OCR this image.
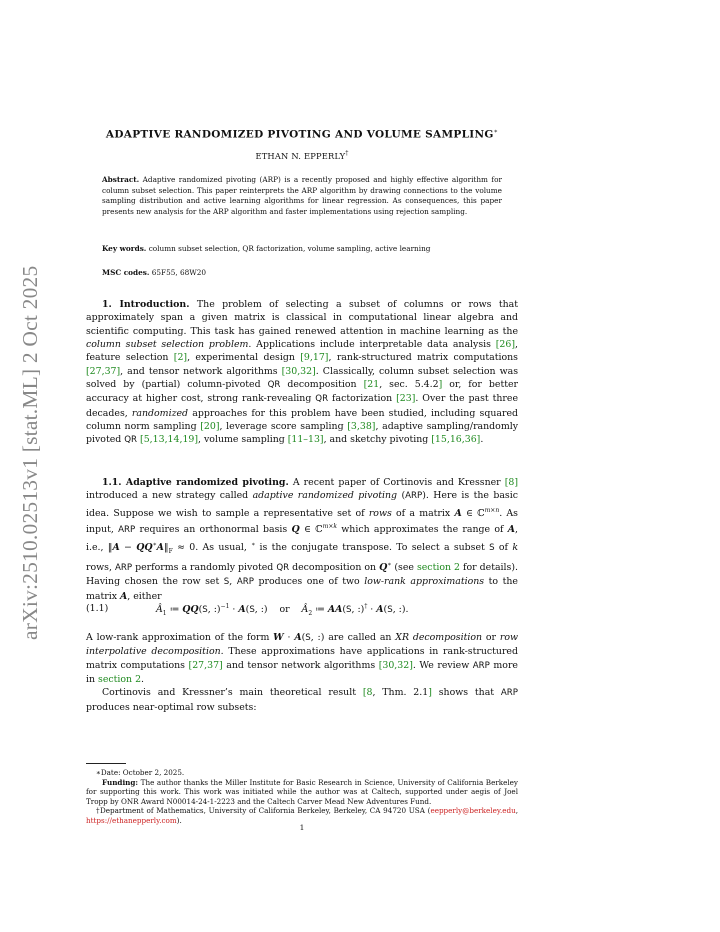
arXiv:2510.02513v1 [stat.ML] 2 Oct 2025
ADAPTIVE RANDOMIZED PIVOTING AND VOLUME SAMPLING∗
ETHAN N. EPPERLY†
Abstract. Adaptive randomized pivoting (ARP) is a recently proposed and highly effective algorithm for column subset selection. This paper reinterprets the ARP algorithm by drawing connections to the volume sampling distribution and active learning algorithms for linear regression. As consequences, this paper presents new analysis for the ARP algorithm and faster implementations using rejection sampling.
Key words. column subset selection, QR factorization, volume sampling, active learning
MSC codes. 65F55, 68W20

1. Introduction. The problem of selecting a subset of columns or rows that approximately span a given matrix is classical in computational linear algebra and scientific computing. This task has gained renewed attention in machine learning as the column subset selection problem. Applications include interpretable data analysis [26], feature selection [2], experimental design [9,17], rank-structured matrix computations [27,37], and tensor network algorithms [30,32]. Classically, column subset selection was solved by (partial) column-pivoted QR decomposition [21, sec. 5.4.2] or, for better accuracy at higher cost, strong rank-revealing QR factorization [23]. Over the past three decades, randomized approaches for this problem have been studied, including squared column norm sampling [20], leverage score sampling [3,38], adaptive sampling/randomly pivoted QR [5,13,14,19], volume sampling [11–13], and sketchy pivoting [15,16,36].

1.1. Adaptive randomized pivoting. A recent paper of Cortinovis and Kressner [8] introduced a new strategy called adaptive randomized pivoting (ARP). Here is the basic idea. Suppose we wish to sample a representative set of rows of a matrix A ∈ ℂ$^{m\times n}$. As input, ARP requires an orthonormal basis Q ∈ ℂ$^{m\times k}$ which approximates the range of A, i.e., ‖A − $QQ^∗A‖_F \approx 0$. As usual, ∗ is the conjugate transpose. To select a subset S of k rows, ARP performs a randomly pivoted QR decomposition on Q∗ (see section 2 for details). Having chosen the row set S, ARP produces one of two low-rank approximations to the matrix A, either

(1.1)	$Â_1$ ≔ QQ(S, :)$^{-1}$ · A(S, :)    or    $Â_2$ ≔ AA(S, :)† · A(S, :).

A low-rank approximation of the form W · A(S, :) are called an XR decomposition or row interpolative decomposition. These approximations have applications in rank-structured matrix computations [27,37] and tensor network algorithms [30,32]. We review ARP more in section 2.

Cortinovis and Kressner’s main theoretical result [8, Thm. 2.1] shows that ARP produces near-optimal row subsets:

∗Date: October 2, 2025.

Funding: The author thanks the Miller Institute for Basic Research in Science, University of California Berkeley for supporting this work. This work was initiated while the author was at Caltech, supported under aegis of Joel Tropp by ONR Award N00014-24-1-2223 and the Caltech Carver Mead New Adventures Fund.

†Department of Mathematics, University of California Berkeley, Berkeley, CA 94720 USA (eepperly@berkeley.edu, https://ethanepperly.com).

1
